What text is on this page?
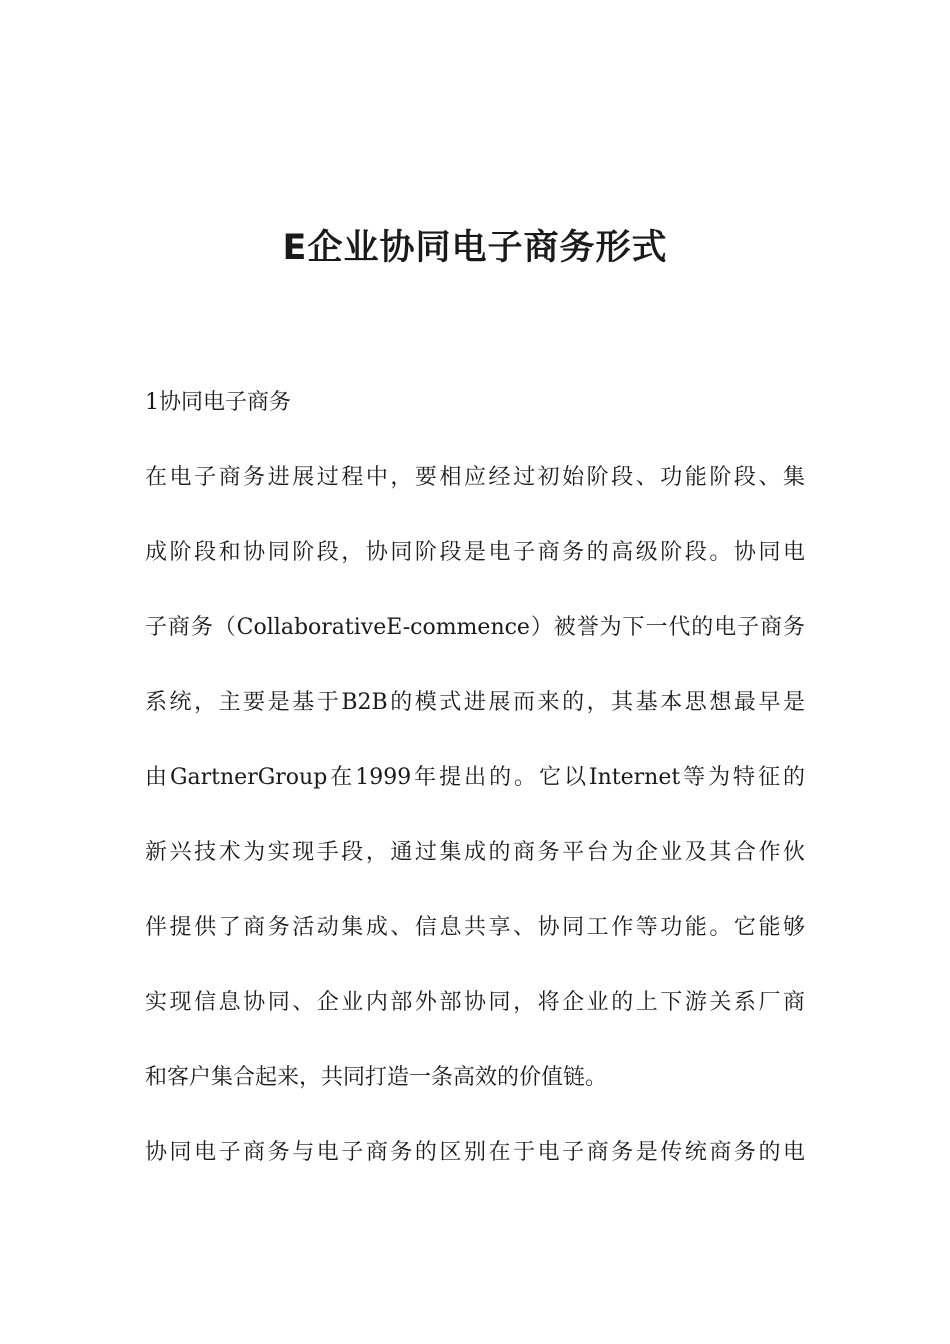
E企业协同电子商务形式
1协同电子商务
在电子商务进展过程中，要相应经过初始阶段、功能阶段、集
成阶段和协同阶段，协同阶段是电子商务的高级阶段。协同电
子商务（CollaborativeE-commence）被誉为下一代的电子商务
系统，主要是基于B2B的模式进展而来的，其基本思想最早是
由GartnerGroup在1999年提出的。它以Internet等为特征的
新兴技术为实现手段，通过集成的商务平台为企业及其合作伙
伴提供了商务活动集成、信息共享、协同工作等功能。它能够
实现信息协同、企业内部外部协同，将企业的上下游关系厂商
和客户集合起来，共同打造一条高效的价值链。
协同电子商务与电子商务的区别在于电子商务是传统商务的电
